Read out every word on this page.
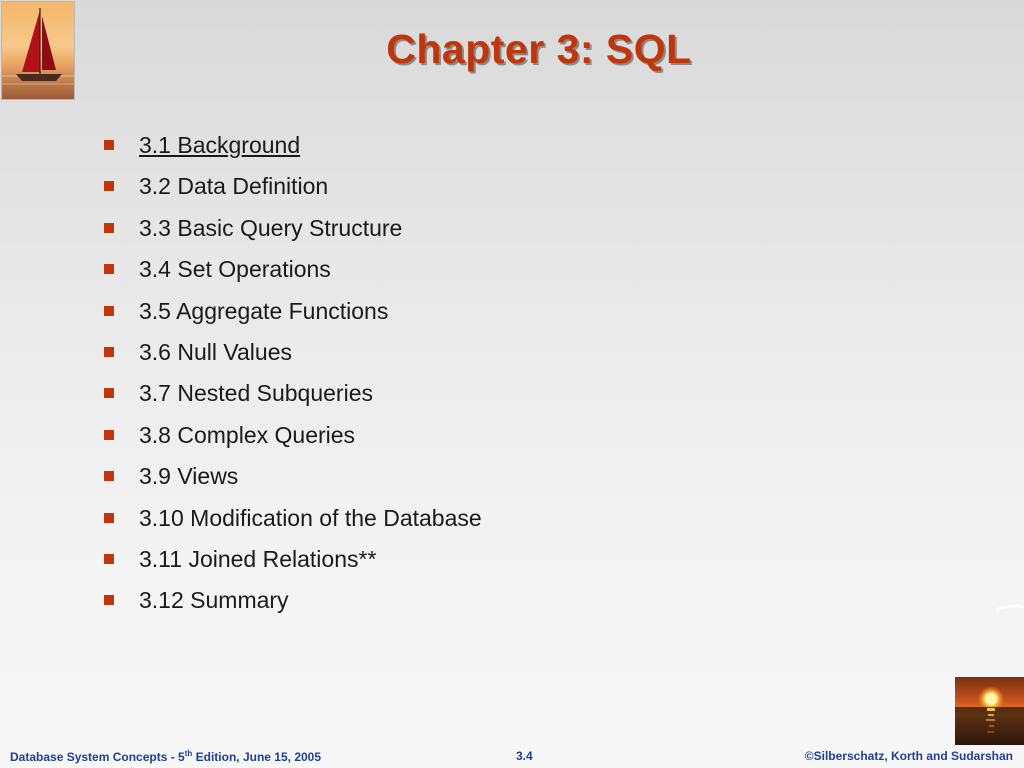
Chapter 3: SQL
3.1 Background
3.2 Data Definition
3.3 Basic Query Structure
3.4 Set Operations
3.5 Aggregate Functions
3.6 Null Values
3.7 Nested Subqueries
3.8 Complex Queries
3.9 Views
3.10 Modification of the Database
3.11 Joined Relations**
3.12 Summary
Database System Concepts - 5th Edition, June 15, 2005	3.4	©Silberschatz, Korth and Sudarshan
